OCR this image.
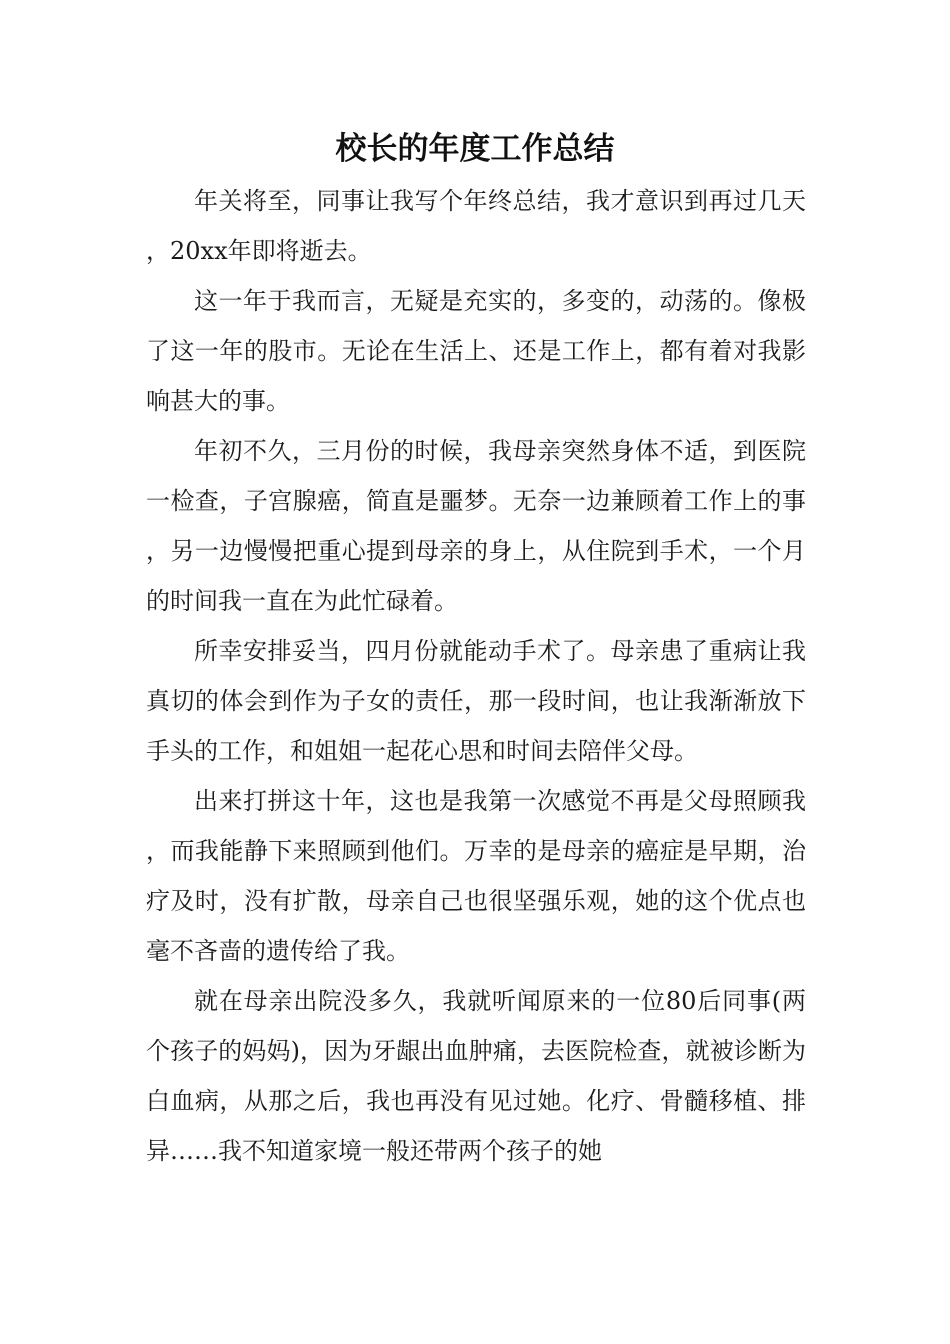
校长的年度工作总结

年关将至，同事让我写个年终总结，我才意识到再过几天，20xx年即将逝去。

这一年于我而言，无疑是充实的，多变的，动荡的。像极了这一年的股市。无论在生活上、还是工作上，都有着对我影响甚大的事。

年初不久，三月份的时候，我母亲突然身体不适，到医院一检查，子宫腺癌，简直是噩梦。无奈一边兼顾着工作上的事，另一边慢慢把重心提到母亲的身上，从住院到手术，一个月的时间我一直在为此忙碌着。

所幸安排妥当，四月份就能动手术了。母亲患了重病让我真切的体会到作为子女的责任，那一段时间，也让我渐渐放下手头的工作，和姐姐一起花心思和时间去陪伴父母。

出来打拼这十年，这也是我第一次感觉不再是父母照顾我，而我能静下来照顾到他们。万幸的是母亲的癌症是早期，治疗及时，没有扩散，母亲自己也很坚强乐观，她的这个优点也毫不吝啬的遗传给了我。

就在母亲出院没多久，我就听闻原来的一位80后同事(两个孩子的妈妈)，因为牙龈出血肿痛，去医院检查，就被诊断为白血病，从那之后，我也再没有见过她。化疗、骨髓移植、排异……我不知道家境一般还带两个孩子的她
